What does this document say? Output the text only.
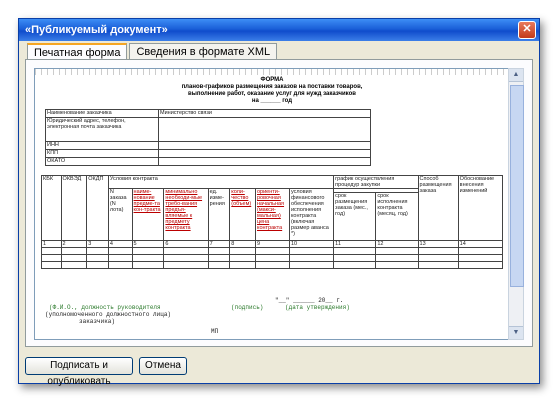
«Публикуемый документ»	✕
Печатная форма	Сведения в формате XML
ФОРМА
планов-графиков размещения заказов на поставки товаров,
выполнение работ, оказание услуг для нужд заказчиков
на ______ год
Наименование заказчика	Министерство связи
Юридический адрес, телефон, электронная почта заказчика	
ИНН	
КПП	
ОКАТО	
КБК	ОКВЭД	ОКДП	Условия контракта							график осуществления процедур закупки		Способ размещения заказа	Обоснование внесения изменений
			N заказа (N лота)	наиме-нование предме-та кон-тракта	минимально необходи-мые требо-вания предъя-вляемые к предмету контракта	ед. изме-рения	коли-чество (объем)	ориенти-ровочная начальная (макси-мальная) цена контракта	условия финансового обеспечения исполнения контракта (включая размер аванса *)				
										срок размещения заказа (мес., год)	срок исполнения контракта (месяц, год)		
1	2	3	4	5	6	7	8	9	10	11	12	13	14

"__" ______ 20__ г.
(Ф.И.О., должность руководителя	(подпись)	(дата утверждения)
(уполномоченного должностного лица)
заказчика)
МП
▲
▼
Подписать и опубликовать
Отмена
